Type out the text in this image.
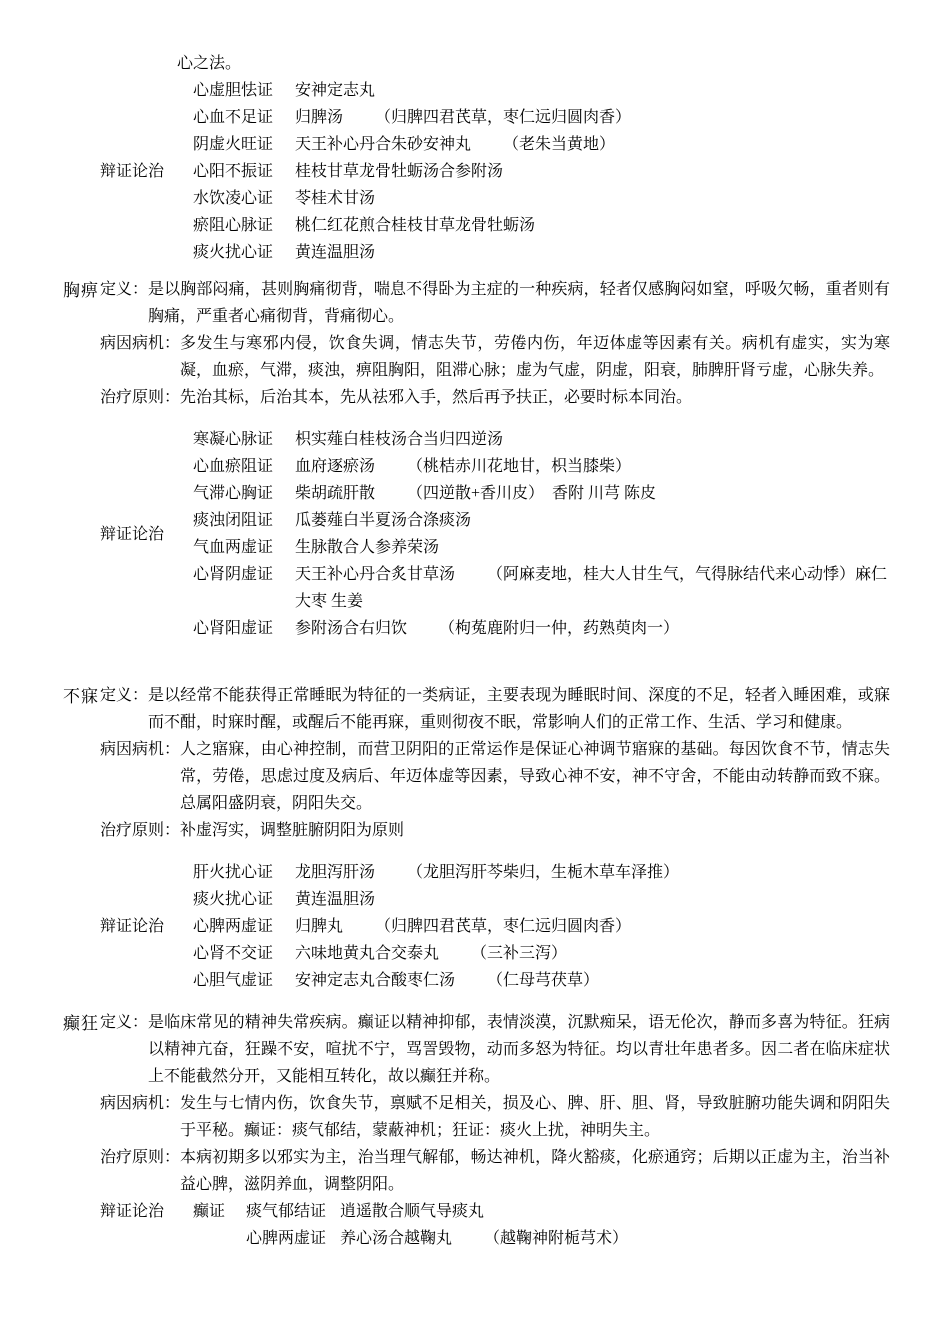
心之法。
辩证论治
心虚胆怯证	安神定志丸
心血不足证	归脾汤 （归脾四君芪草，枣仁远归圆肉香）
阴虚火旺证	天王补心丹合朱砂安神丸 （老朱当黄地）
心阳不振证	桂枝甘草龙骨牡蛎汤合参附汤
水饮凌心证	苓桂术甘汤
瘀阻心脉证	桃仁红花煎合桂枝甘草龙骨牡蛎汤
痰火扰心证	黄连温胆汤
胸痹 定义： 是以胸部闷痛，甚则胸痛彻背，喘息不得卧为主症的一种疾病，轻者仅感胸闷如窒，呼吸欠畅，重者则有胸痛，严重者心痛彻背，背痛彻心。
病因病机： 多发生与寒邪内侵，饮食失调，情志失节，劳倦内伤，年迈体虚等因素有关。病机有虚实，实为寒凝，血瘀，气滞，痰浊，痹阻胸阳，阻滞心脉；虚为气虚，阴虚，阳衰，肺脾肝肾亏虚，心脉失养。
治疗原则： 先治其标，后治其本，先从祛邪入手，然后再予扶正，必要时标本同治。
辩证论治
寒凝心脉证	枳实薤白桂枝汤合当归四逆汤
心血瘀阻证	血府逐瘀汤 （桃桔赤川花地甘，枳当膝柴）
气滞心胸证	柴胡疏肝散 （四逆散+香川皮）　香附 川芎 陈皮
痰浊闭阻证	瓜蒌薤白半夏汤合涤痰汤
气血两虚证	生脉散合人参养荣汤
心肾阴虚证	天王补心丹合炙甘草汤 （阿麻麦地，桂大人甘生气，气得脉结代来心动悸）麻仁 大枣 生姜
心肾阳虚证	参附汤合右归饮 （枸菟鹿附归一仲，药熟萸肉一）
不寐 定义： 是以经常不能获得正常睡眠为特征的一类病证，主要表现为睡眠时间、深度的不足，轻者入睡困难，或寐而不酣，时寐时醒，或醒后不能再寐，重则彻夜不眠，常影响人们的正常工作、生活、学习和健康。
病因病机： 人之寤寐，由心神控制，而营卫阴阳的正常运作是保证心神调节寤寐的基础。每因饮食不节，情志失常，劳倦，思虑过度及病后、年迈体虚等因素，导致心神不安，神不守舍，不能由动转静而致不寐。总属阳盛阴衰，阴阳失交。
治疗原则： 补虚泻实，调整脏腑阴阳为原则
辩证论治
肝火扰心证	龙胆泻肝汤 （龙胆泻肝芩柴归，生栀木草车泽推）
痰火扰心证	黄连温胆汤
心脾两虚证	归脾丸 （归脾四君芪草，枣仁远归圆肉香）
心肾不交证	六味地黄丸合交泰丸 （三补三泻）
心胆气虚证	安神定志丸合酸枣仁汤 （仁母芎茯草）
癫狂 定义： 是临床常见的精神失常疾病。癫证以精神抑郁，表情淡漠，沉默痴呆，语无伦次，静而多喜为特征。狂病以精神亢奋，狂躁不安，喧扰不宁，骂詈毁物，动而多怒为特征。均以青壮年患者多。因二者在临床症状上不能截然分开，又能相互转化，故以癫狂并称。
病因病机： 发生与七情内伤，饮食失节，禀赋不足相关，损及心、脾、肝、胆、肾，导致脏腑功能失调和阴阳失于平秘。癫证：痰气郁结，蒙蔽神机；狂证：痰火上扰，神明失主。
治疗原则： 本病初期多以邪实为主，治当理气解郁，畅达神机，降火豁痰，化瘀通窍；后期以正虚为主，治当补益心脾，滋阴养血，调整阴阳。
辩证论治	癫证	痰气郁结证 逍遥散合顺气导痰丸
心脾两虚证 养心汤合越鞠丸 （越鞠神附栀芎术）
